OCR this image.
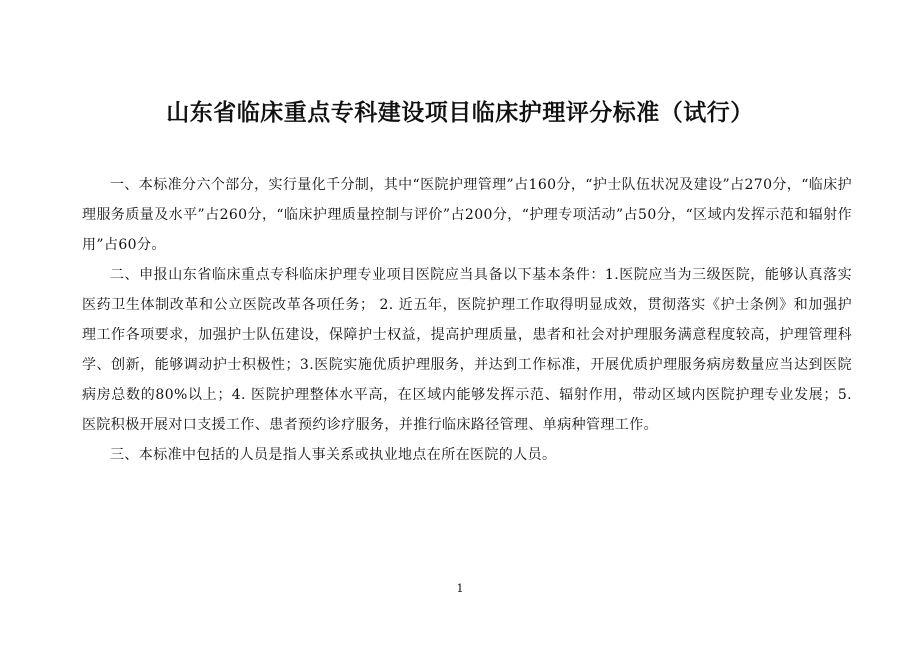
山东省临床重点专科建设项目临床护理评分标准（试行）

一、本标准分六个部分，实行量化千分制，其中“医院护理管理”占160分，“护士队伍状况及建设”占270分，“临床护理服务质量及水平”占260分，“临床护理质量控制与评价”占200分，“护理专项活动”占50分，“区域内发挥示范和辐射作用”占60分。

二、申报山东省临床重点专科临床护理专业项目医院应当具备以下基本条件：1.医院应当为三级医院，能够认真落实医药卫生体制改革和公立医院改革各项任务； 2. 近五年，医院护理工作取得明显成效，贯彻落实《护士条例》和加强护理工作各项要求，加强护士队伍建设，保障护士权益，提高护理质量，患者和社会对护理服务满意程度较高，护理管理科学、创新，能够调动护士积极性；3.医院实施优质护理服务，并达到工作标准，开展优质护理服务病房数量应当达到医院病房总数的80%以上；4. 医院护理整体水平高，在区域内能够发挥示范、辐射作用，带动区域内医院护理专业发展；5.医院积极开展对口支援工作、患者预约诊疗服务，并推行临床路径管理、单病种管理工作。

三、本标准中包括的人员是指人事关系或执业地点在所在医院的人员。

1
